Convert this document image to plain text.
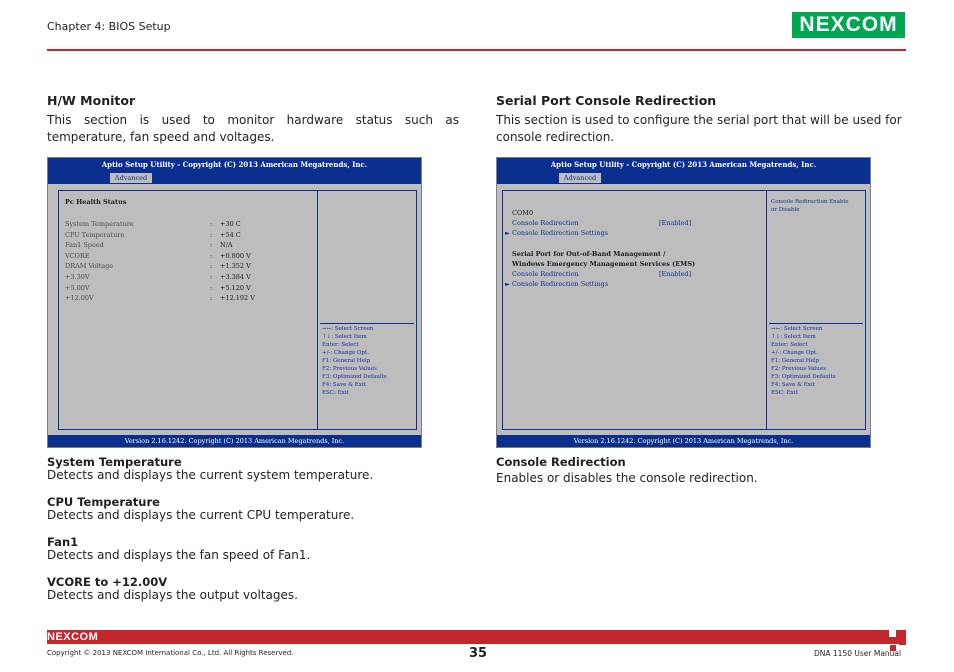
Chapter 4: BIOS Setup	NEXCOM
H/W Monitor
This section is used to monitor hardware status such as temperature, fan speed and voltages.
Aptio Setup Utility - Copyright (C) 2013 American Megatrends, Inc.
Advanced
Pc Health Status
System Temperature	: +30 C

CPU Temperature	: +54 C

Fan1 Speed	: N/A

VCORE	: +0.800 V

DRAM Voltage	: +1.352 V

+3.30V	: +3.384 V

+5.00V	: +5.120 V

+12.00V	: +12.192 V

→←: Select Screen
↑↓: Select Item
Enter: Select
+/-: Change Opt.
F1: General Help
F2: Previous Values
F3: Optimized Defaults
F4: Save & Exit
ESC: Exit
Version 2.16.1242. Copyright (C) 2013 American Megatrends, Inc.
System Temperature
Detects and displays the current system temperature.
CPU Temperature
Detects and displays the current CPU temperature.
Fan1
Detects and displays the fan speed of Fan1.
VCORE to +12.00V
Detects and displays the output voltages.
Serial Port Console Redirection
This section is used to configure the serial port that will be used for console redirection.
Aptio Setup Utility - Copyright (C) 2013 American Megatrends, Inc.
Advanced
COM0
Console Redirection	[Enabled]
► Console Redirection Settings
Serial Port for Out-of-Band Management /
Windows Emergency Management Services (EMS)
Console Redirection	[Enabled]
► Console Redirection Settings
Console Redirection Enable
or Disable
→←: Select Screen
↑↓: Select Item
Enter: Select
+/-: Change Opt.
F1: General Help
F2: Previous Values
F3: Optimized Defaults
F4: Save & Exit
ESC: Exit
Version 2.16.1242. Copyright (C) 2013 American Megatrends, Inc.
Console Redirection
Enables or disables the console redirection.
NEXCOM
Copyright © 2013 NEXCOM International Co., Ltd. All Rights Reserved.	35	DNA 1150 User Manual
